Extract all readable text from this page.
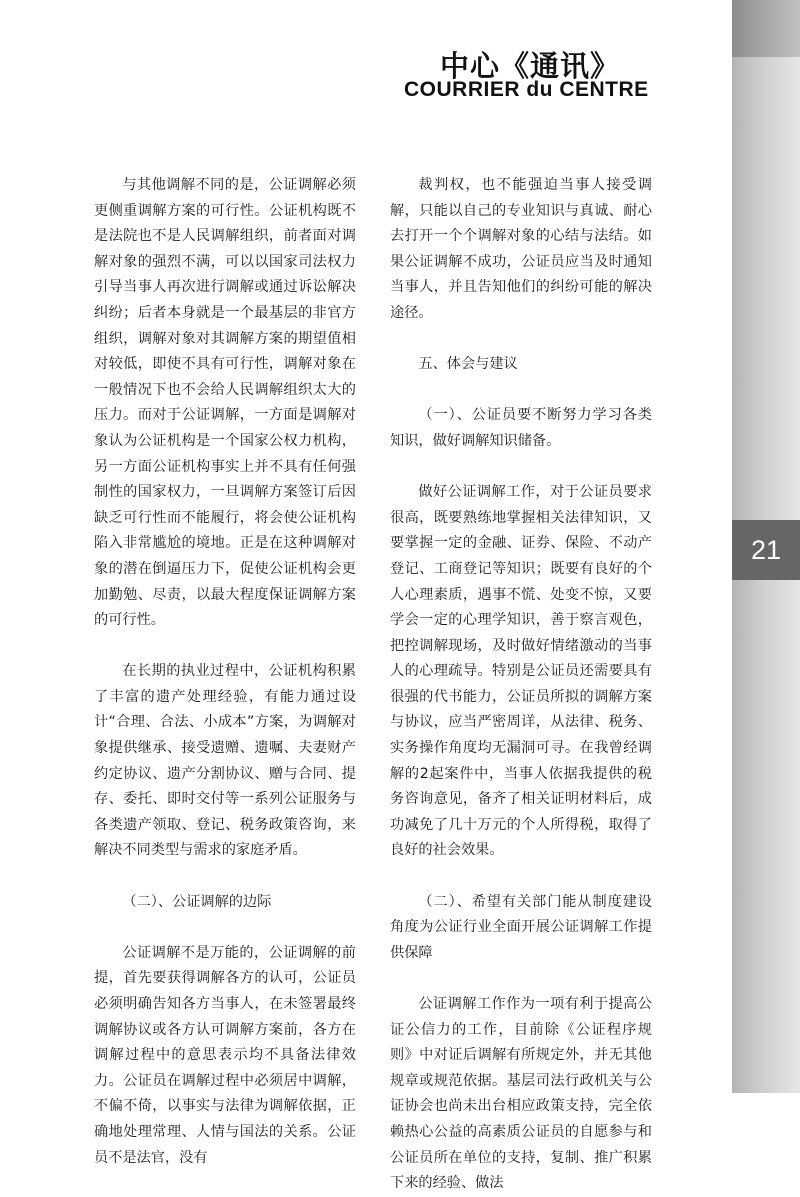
21
中心《通讯》
COURRIER du CENTRE

与其他调解不同的是，公证调解必须更侧重调解方案的可行性。公证机构既不是法院也不是人民调解组织，前者面对调解对象的强烈不满，可以以国家司法权力引导当事人再次进行调解或通过诉讼解决纠纷；后者本身就是一个最基层的非官方组织，调解对象对其调解方案的期望值相对较低，即使不具有可行性，调解对象在一般情况下也不会给人民调解组织太大的压力。而对于公证调解，一方面是调解对象认为公证机构是一个国家公权力机构，另一方面公证机构事实上并不具有任何强制性的国家权力，一旦调解方案签订后因缺乏可行性而不能履行，将会使公证机构陷入非常尴尬的境地。正是在这种调解对象的潜在倒逼压力下，促使公证机构会更加勤勉、尽责，以最大程度保证调解方案的可行性。

在长期的执业过程中，公证机构积累了丰富的遗产处理经验，有能力通过设计“合理、合法、小成本”方案，为调解对象提供继承、接受遗赠、遗嘱、夫妻财产约定协议、遗产分割协议、赠与合同、提存、委托、即时交付等一系列公证服务与各类遗产领取、登记、税务政策咨询，来解决不同类型与需求的家庭矛盾。

（二）、公证调解的边际

公证调解不是万能的，公证调解的前提，首先要获得调解各方的认可，公证员必须明确告知各方当事人，在未签署最终调解协议或各方认可调解方案前，各方在调解过程中的意思表示均不具备法律效力。公证员在调解过程中必须居中调解，不偏不倚，以事实与法律为调解依据，正确地处理常理、人情与国法的关系。公证员不是法官，没有

裁判权，也不能强迫当事人接受调解，只能以自己的专业知识与真诚、耐心去打开一个个调解对象的心结与法结。如果公证调解不成功，公证员应当及时通知当事人，并且告知他们的纠纷可能的解决途径。

五、体会与建议

（一）、公证员要不断努力学习各类知识，做好调解知识储备。

做好公证调解工作，对于公证员要求很高，既要熟练地掌握相关法律知识，又要掌握一定的金融、证券、保险、不动产登记、工商登记等知识；既要有良好的个人心理素质，遇事不慌、处变不惊，又要学会一定的心理学知识，善于察言观色，把控调解现场，及时做好情绪激动的当事人的心理疏导。特别是公证员还需要具有很强的代书能力，公证员所拟的调解方案与协议，应当严密周详，从法律、税务、实务操作角度均无漏洞可寻。在我曾经调解的2起案件中，当事人依据我提供的税务咨询意见，备齐了相关证明材料后，成功减免了几十万元的个人所得税，取得了良好的社会效果。

（二）、希望有关部门能从制度建设角度为公证行业全面开展公证调解工作提供保障

公证调解工作作为一项有利于提高公证公信力的工作，目前除《公证程序规则》中对证后调解有所规定外，并无其他规章或规范依据。基层司法行政机关与公证协会也尚未出台相应政策支持，完全依赖热心公益的高素质公证员的自愿参与和公证员所在单位的支持，复制、推广积累下来的经验、做法
